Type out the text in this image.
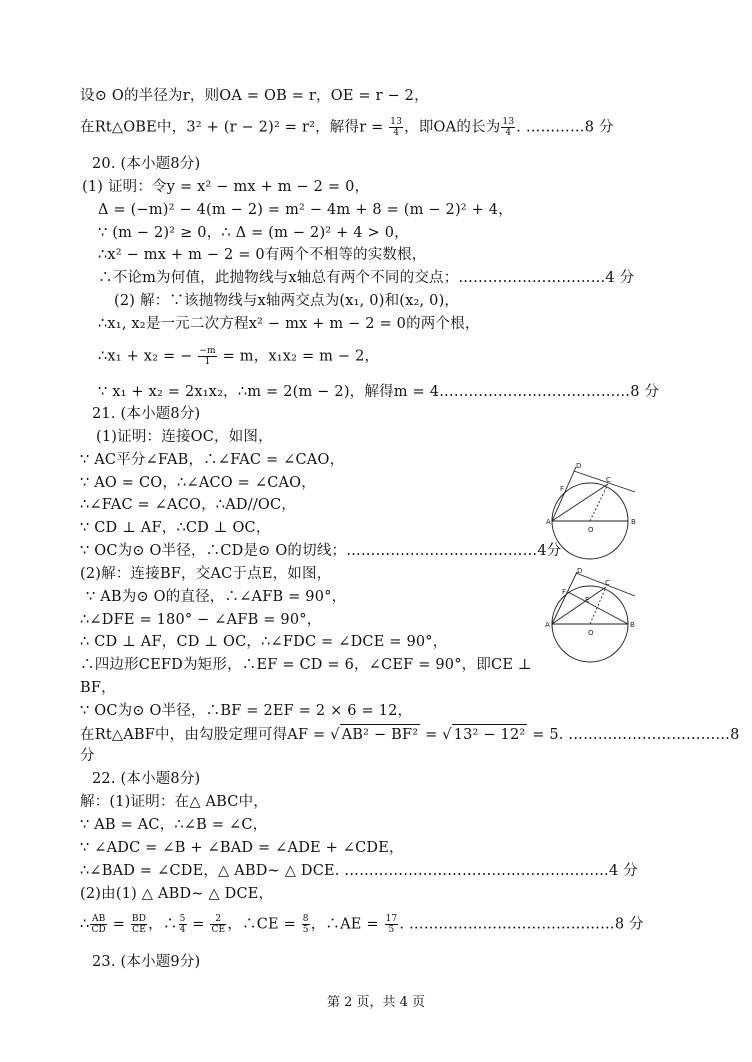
设⊙ O的半径为r，则OA = OB = r，OE = r − 2，
在Rt△OBE中，3² + (r − 2)² = r²，解得$r = \frac{13}{4}$ ，即OA的长为 $\frac{13}{4}$ . …………8 分
20. (本小题8分)
(1) 证明：令y = x² − mx + m − 2 = 0，
Δ = (−m)² − 4(m − 2) = m² − 4m + 8 = (m − 2)² + 4，
∵ (m − 2)² ≥ 0，∴ Δ = (m − 2)² + 4 > 0，
∴x² − mx + m − 2 = 0有两个不相等的实数根，
∴不论m为何值，此抛物线与x轴总有两个不同的交点；…………………………4 分
(2) 解：∵该抛物线与x轴两交点为(x₁, 0)和(x₂, 0)，
∴x₁, x₂是一元二次方程x² − mx + m − 2 = 0的两个根，
∴x₁ + x₂ = − $\frac{-m}{1} = m$，x₁x₂ = m − 2，
∵ x₁ + x₂ = 2x₁x₂，∴m = 2(m − 2)，解得m = 4…………………………………8 分
21. (本小题8分)
(1)证明：连接OC，如图，
∵ AC平分∠FAB，∴∠FAC = ∠CAO，
∵ AO = CO，∴∠ACO = ∠CAO，
∴∠FAC = ∠ACO，∴AD//OC，
∵ CD ⊥ AF，∴CD ⊥ OC，
∵ OC为⊙ O半径，∴CD是⊙ O的切线；…………………………………4分
(2)解：连接BF，交AC于点E，如图，
∵ AB为⊙ O的直径，∴∠AFB = 90°，
∴∠DFE = 180° − ∠AFB = 90°，
∴ CD ⊥ AF，CD ⊥ OC，∴∠FDC = ∠DCE = 90°，
∴四边形CEFD为矩形，∴EF = CD = 6，∠CEF = 90°，即CE ⊥
BF，
∵ OC为⊙ O半径，∴BF = 2EF = 2 × 6 = 12，
在Rt△ABF中，由勾股定理可得AF = √ AB² − BF² = √ 13² − 12² = 5. ……………………………8
分
22. (本小题8分)
解：(1)证明：在△ ABC中，
∵ AB = AC，∴∠B = ∠C，
∵ ∠ADC = ∠B + ∠BAD = ∠ADE + ∠CDE，
∴∠BAD = ∠CDE，△ ABD∼ △ DCE. ………………………………………………4 分
(2)由(1) △ ABD∼ △ DCE，
∴ $\frac{AB}{CD} = \frac{BD}{CE}$ ，∴ $\frac{5}{4} = \frac{2}{CE}$ ，∴CE = $\frac{8}{5}$ ，∴AE = $\frac{17}{5}$ . ……………………………………8 分
23. (本小题9分)
D
F
C
A
O
B
D
F
E
C
A
O
B
第 2 页，共 4 页
